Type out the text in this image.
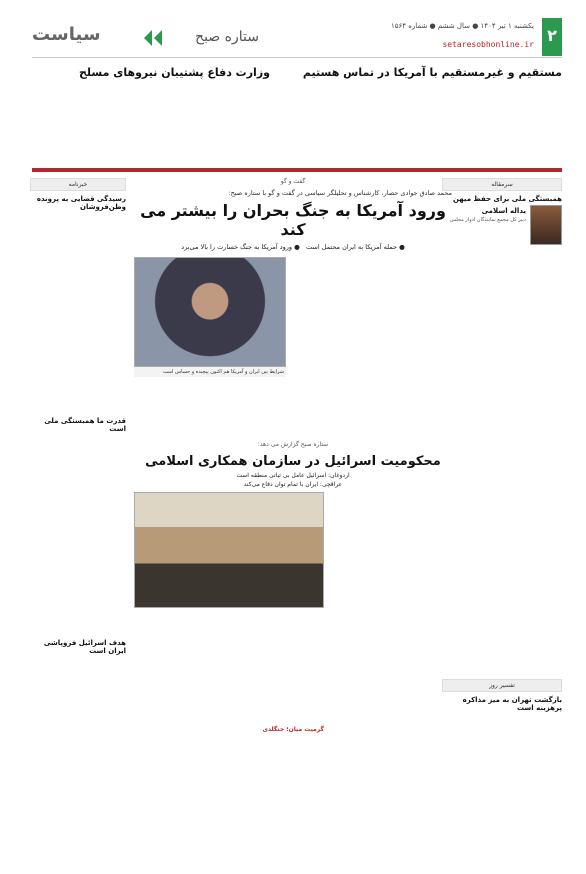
۲
یکشنبه ۱ تیر ۱۴۰۴ ● سال ششم ● شماره ۱۵۶۴
setaresobhonline.ir
ستاره صبح
سیاست
مستقیم و غیرمستقیم با آمریکا در تماس هستیم
وزارت دفاع پشتیبان نیروهای مسلح
سرمقاله
همبستگی ملی برای حفظ میهن
یداله اسلامی
دبیر کل مجمع نمایندگان ادوار مجلس
تفسیر روز
بازگشت تهران به میز مذاکره پرهزینه است
خبرنامه
رسیدگی قضایی به پرونده وطن‌فروشان
قدرت ما همبستگی ملی است
هدف اسرائیل فروپاشی ایران است
گفت و گو
محمد صادق جوادی حصار، کارشناس و تحلیلگر سیاسی در گفت و گو با ستاره صبح:
ورود آمریکا به جنگ بحران را بیشتر می کند
● حمله آمریکا به ایران محتمل است   ● ورود آمریکا به جنگ خسارت را بالا می‌برد
شرایط بین ایران و آمریکا هم اکنون پیچیده و حساس است
ستاره صبح گزارش می دهد:
محکومیت اسرائیل در سازمان همکاری اسلامی
اردوغان: اسرائیل عامل بی ثباتی منطقه است
عراقچی: ایران با تمام توان دفاع می‌کند
گرمیت میان؛ جنگلدی
